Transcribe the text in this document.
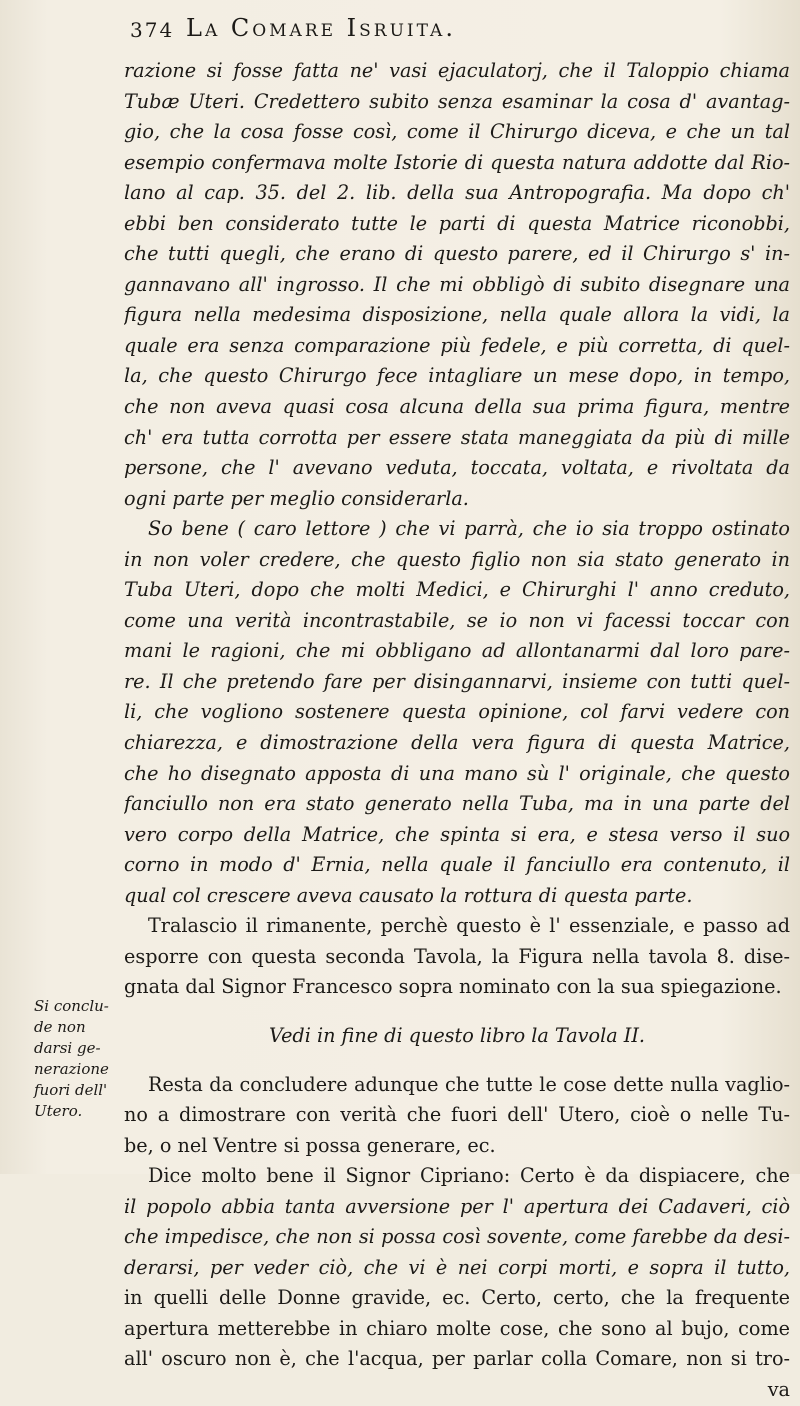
374 La Comare Isruita.
razione si fosse fatta ne' vasi ejaculatorj, che il Taloppio chiama
Tubæ Uteri. Credettero subito senza esaminar la cosa d' avantag-
gio, che la cosa fosse così, come il Chirurgo diceva, e che un tal
esempio confermava molte Istorie di questa natura addotte dal Rio-
lano al cap. 35. del 2. lib. della sua Antropografia. Ma dopo ch'
ebbi ben considerato tutte le parti di questa Matrice riconobbi,
che tutti quegli, che erano di questo parere, ed il Chirurgo s' in-
gannavano all' ingrosso. Il che mi obbligò di subito disegnare una
figura nella medesima disposizione, nella quale allora la vidi, la
quale era senza comparazione più fedele, e più corretta, di quel-
la, che questo Chirurgo fece intagliare un mese dopo, in tempo,
che non aveva quasi cosa alcuna della sua prima figura, mentre
ch' era tutta corrotta per essere stata maneggiata da più di mille
persone, che l' avevano veduta, toccata, voltata, e rivoltata da
ogni parte per meglio considerarla.
So bene ( caro lettore ) che vi parrà, che io sia troppo ostinato
in non voler credere, che questo figlio non sia stato generato in
Tuba Uteri, dopo che molti Medici, e Chirurghi l' anno creduto,
come una verità incontrastabile, se io non vi facessi toccar con
mani le ragioni, che mi obbligano ad allontanarmi dal loro pare-
re. Il che pretendo fare per disingannarvi, insieme con tutti quel-
li, che vogliono sostenere questa opinione, col farvi vedere con
chiarezza, e dimostrazione della vera figura di questa Matrice,
che ho disegnato apposta di una mano sù l' originale, che questo
fanciullo non era stato generato nella Tuba, ma in una parte del
vero corpo della Matrice, che spinta si era, e stesa verso il suo
corno in modo d' Ernia, nella quale il fanciullo era contenuto, il
qual col crescere aveva causato la rottura di questa parte.
Tralascio il rimanente, perchè questo è l' essenziale, e passo ad
esporre con questa seconda Tavola, la Figura nella tavola 8. dise-
gnata dal Signor Francesco sopra nominato con la sua spiegazione.
Vedi in fine di questo libro la Tavola II.
Resta da concludere adunque che tutte le cose dette nulla vaglio-
no a dimostrare con verità che fuori dell' Utero, cioè o nelle Tu-
be, o nel Ventre si possa generare, ec.
Dice molto bene il Signor Cipriano: Certo è da dispiacere, che
il popolo abbia tanta avversione per l' apertura dei Cadaveri, ciò
che impedisce, che non si possa così sovente, come farebbe da desi-
derarsi, per veder ciò, che vi è nei corpi morti, e sopra il tutto,
in quelli delle Donne gravide, ec. Certo, certo, che la frequente
apertura metterebbe in chiaro molte cose, che sono al bujo, come
all' oscuro non è, che l'acqua, per parlar colla Comare, non si tro-
va
Si conclu-
de non
darsi ge-
nerazione
fuori dell'
Utero.
